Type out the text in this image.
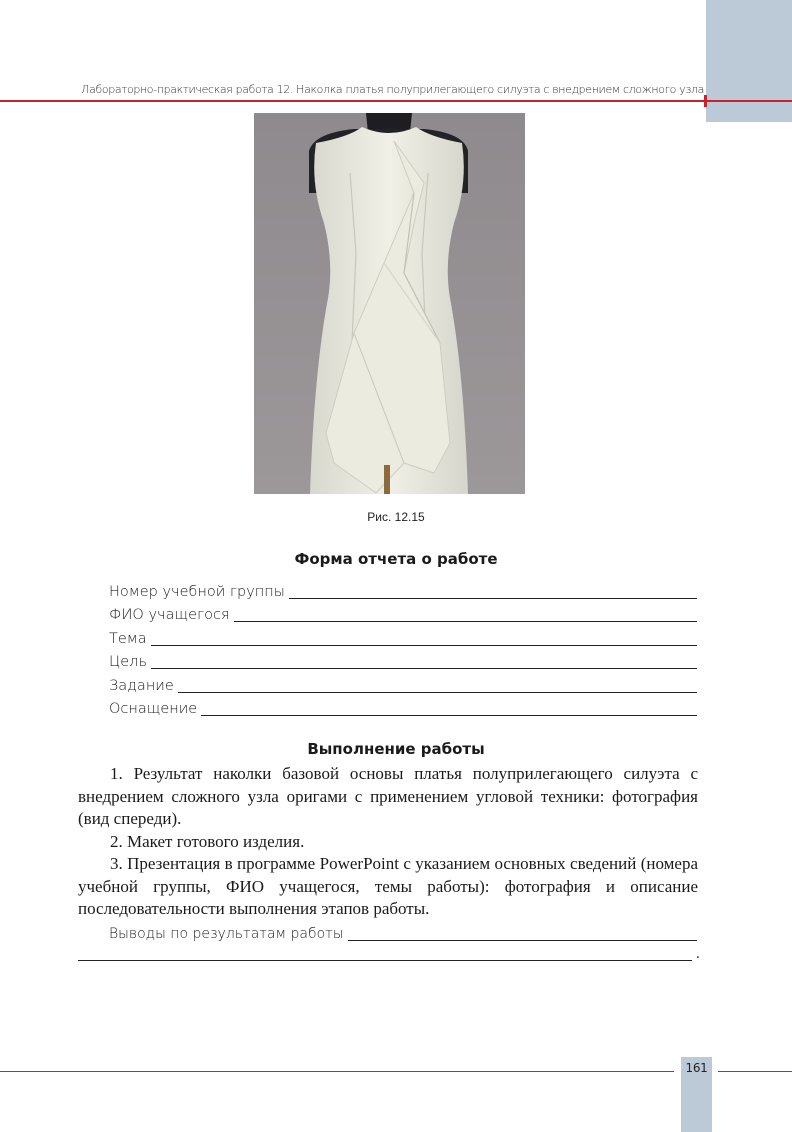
Лабораторно-практическая работа 12. Наколка платья полуприлегающего силуэта с внедрением сложного узла
Рис. 12.15
Форма отчета о работе
Номер учебной группы
ФИО учащегося
Тема
Цель
Задание
Оснащение
Выполнение работы

1. Результат наколки базовой основы платья полуприлегающего силуэта с внедрением сложного узла оригами с применением угловой техники: фотография (вид спереди).

2. Макет готового изделия.

3. Презентация в программе PowerPoint с указанием основных сведений (номера учебной группы, ФИО учащегося, темы работы): фотография и описание последовательности выполнения этапов работы.

Выводы по результатам работы
.
161
